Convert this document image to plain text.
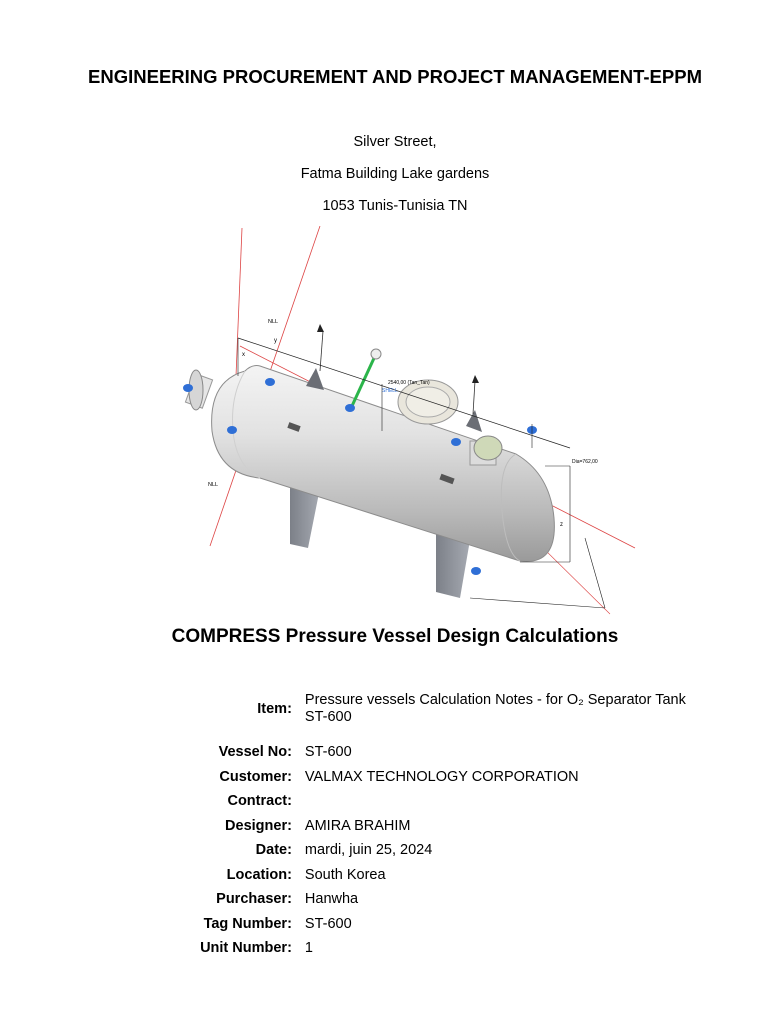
ENGINEERING PROCUREMENT AND PROJECT MANAGEMENT-EPPM
Silver Street,
Fatma Building Lake gardens
1053 Tunis-Tunisia TN
NLL
NLL
x
y
z
2540,00 (Tan_Tan)
SHELL
Dia=762,00
COMPRESS Pressure Vessel Design Calculations
Item:	Pressure vessels Calculation Notes - for O₂ Separator Tank ST-600
Vessel No:	ST-600
Customer:	VALMAX TECHNOLOGY CORPORATION
Contract:	
Designer:	AMIRA BRAHIM
Date:	mardi, juin 25, 2024
Location:	South Korea
Purchaser:	Hanwha
Tag Number:	ST-600
Unit Number:	1
